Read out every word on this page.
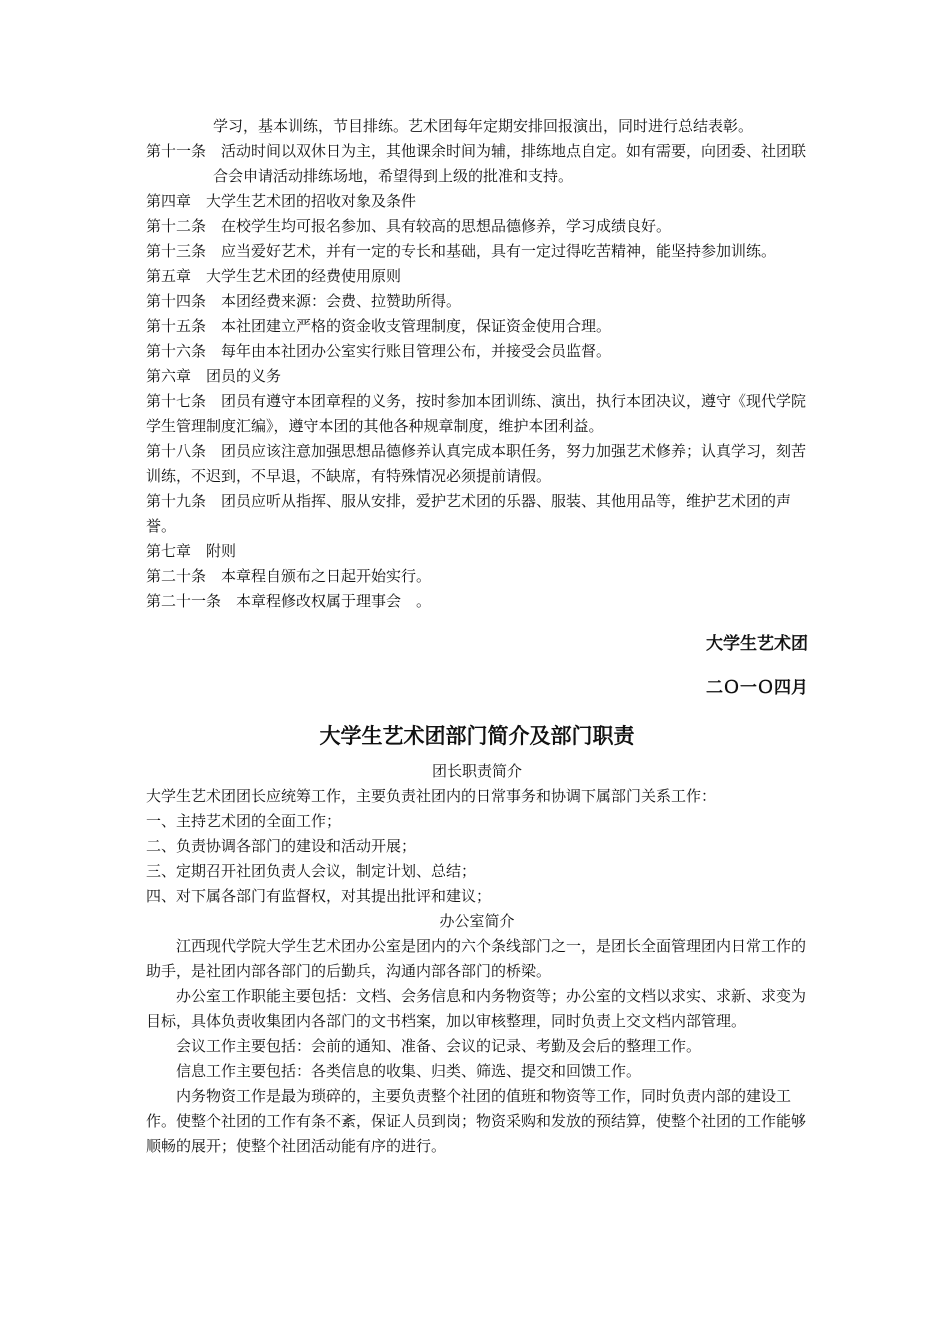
学习，基本训练，节目排练。艺术团每年定期安排回报演出，同时进行总结表彰。

第十一条 活动时间以双休日为主，其他课余时间为辅，排练地点自定。如有需要，向团委、社团联合会申请活动排练场地，希望得到上级的批准和支持。

第四章 大学生艺术团的招收对象及条件

第十二条 在校学生均可报名参加、具有较高的思想品德修养，学习成绩良好。

第十三条 应当爱好艺术，并有一定的专长和基础，具有一定过得吃苦精神，能坚持参加训练。

第五章 大学生艺术团的经费使用原则

第十四条 本团经费来源：会费、拉赞助所得。

第十五条 本社团建立严格的资金收支管理制度，保证资金使用合理。

第十六条 每年由本社团办公室实行账目管理公布，并接受会员监督。

第六章 团员的义务

第十七条 团员有遵守本团章程的义务，按时参加本团训练、演出，执行本团决议，遵守《现代学院学生管理制度汇编》，遵守本团的其他各种规章制度，维护本团利益。

第十八条 团员应该注意加强思想品德修养认真完成本职任务，努力加强艺术修养；认真学习，刻苦训练，不迟到，不早退，不缺席，有特殊情况必须提前请假。

第十九条 团员应听从指挥、服从安排，爱护艺术团的乐器、服装、其他用品等，维护艺术团的声誉。

第七章 附则

第二十条 本章程自颁布之日起开始实行。

第二十一条 本章程修改权属于理事会　。

大学生艺术团

二Ｏ一Ｏ四月

大学生艺术团部门简介及部门职责

团长职责简介

大学生艺术团团长应统筹工作，主要负责社团内的日常事务和协调下属部门关系工作：

一、主持艺术团的全面工作；

二、负责协调各部门的建设和活动开展；

三、定期召开社团负责人会议，制定计划、总结；

四、对下属各部门有监督权，对其提出批评和建议；

办公室简介

江西现代学院大学生艺术团办公室是团内的六个条线部门之一，是团长全面管理团内日常工作的助手，是社团内部各部门的后勤兵，沟通内部各部门的桥梁。

办公室工作职能主要包括：文档、会务信息和内务物资等；办公室的文档以求实、求新、求变为目标，具体负责收集团内各部门的文书档案，加以审核整理，同时负责上交文档内部管理。

会议工作主要包括：会前的通知、准备、会议的记录、考勤及会后的整理工作。

信息工作主要包括：各类信息的收集、归类、筛选、提交和回馈工作。

内务物资工作是最为琐碎的，主要负责整个社团的值班和物资等工作，同时负责内部的建设工作。使整个社团的工作有条不紊，保证人员到岗；物资采购和发放的预结算，使整个社团的工作能够顺畅的展开；使整个社团活动能有序的进行。
